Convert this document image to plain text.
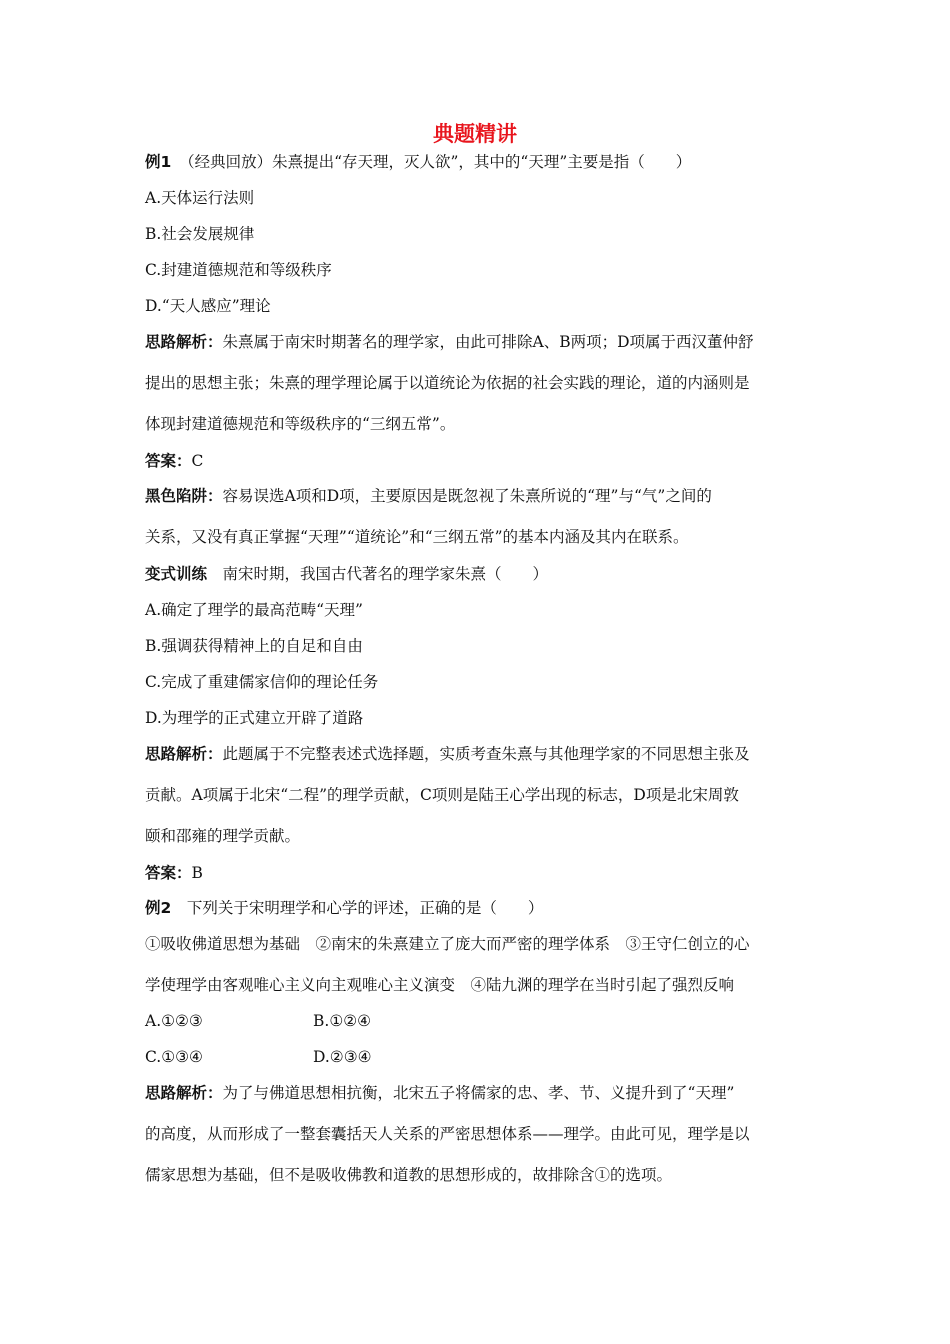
典题精讲
例1　 （经典回放）朱熹提出“存天理，灭人欲”，其中的“天理”主要是指（　　）
A.天体运行法则
B.社会发展规律
C.封建道德规范和等级秩序
D.“天人感应”理论
思路解析：朱熹属于南宋时期著名的理学家，由此可排除A、B两项；D项属于西汉董仲舒
提出的思想主张；朱熹的理学理论属于以道统论为依据的社会实践的理论，道的内涵则是
体现封建道德规范和等级秩序的“三纲五常”。
答案：C
黑色陷阱：容易误选A项和D项，主要原因是既忽视了朱熹所说的“理”与“气”之间的
关系，又没有真正掌握“天理”“道统论”和“三纲五常”的基本内涵及其内在联系。
变式训练　 南宋时期，我国古代著名的理学家朱熹（　　）
A.确定了理学的最高范畴“天理”
B.强调获得精神上的自足和自由
C.完成了重建儒家信仰的理论任务
D.为理学的正式建立开辟了道路
思路解析：此题属于不完整表述式选择题，实质考查朱熹与其他理学家的不同思想主张及
贡献。A项属于北宋“二程”的理学贡献，C项则是陆王心学出现的标志，D项是北宋周敦
颐和邵雍的理学贡献。
答案：B
例2　 下列关于宋明理学和心学的评述，正确的是（　　）
①吸收佛道思想为基础　②南宋的朱熹建立了庞大而严密的理学体系　③王守仁创立的心
学使理学由客观唯心主义向主观唯心主义演变　④陆九渊的理学在当时引起了强烈反响
A.①②③	B.①②④
C.①③④	D.②③④
思路解析：为了与佛道思想相抗衡，北宋五子将儒家的忠、孝、节、义提升到了“天理”
的高度，从而形成了一整套囊括天人关系的严密思想体系——理学。由此可见，理学是以
儒家思想为基础，但不是吸收佛教和道教的思想形成的，故排除含①的选项。
